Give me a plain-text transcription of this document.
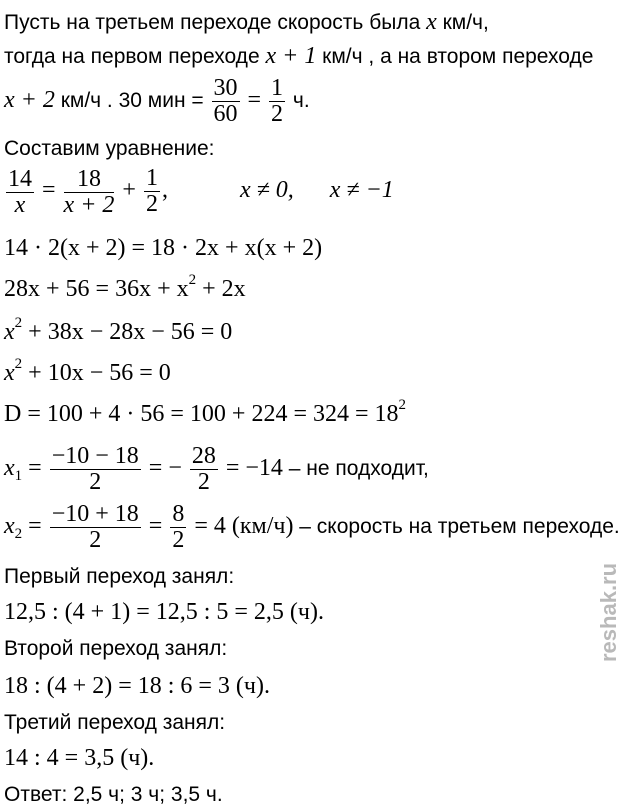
Пусть на третьем переходе скорость была x км/ч,
тогда на первом переходе x + 1 км/ч , а на втором переходе
x + 2 км/ч . 30 мин = $\frac{30}{60} = \frac{1}{2} ч$.
Составим уравнение:
$\frac{14}{x} = \frac{18}{x + 2} + \frac{1}{2}$ ,	x ≠ 0, x ≠ −1
14 · 2(x + 2) = 18 · 2x + x(x + 2)
$28x + 56 = 36x + x^2 + 2x$
$x^2 + 38x - 28x - 56 = 0$
$x^2 + 10x - 56 = 0$
$D = 100 + 4 \cdot 56 = 100 + 224 = 324 = 18^2$
$x_1 = \frac{-10 - 18}{2}$ = − $\frac{28}{2} = -14$ – не подходит,
$x_2 = \frac{-10 + 18}{2} = \frac{8}{2} = 4$ (км/ч) – скорость на третьем переходе.
Первый переход занял:
12,5 : (4 + 1) = 12,5 : 5 = 2,5 (ч).
Второй переход занял:
18 : (4 + 2) = 18 : 6 = 3 (ч).
Третий переход занял:
14 : 4 = 3,5 (ч).
Ответ: 2,5 ч; 3 ч; 3,5 ч.
reshak.ru
